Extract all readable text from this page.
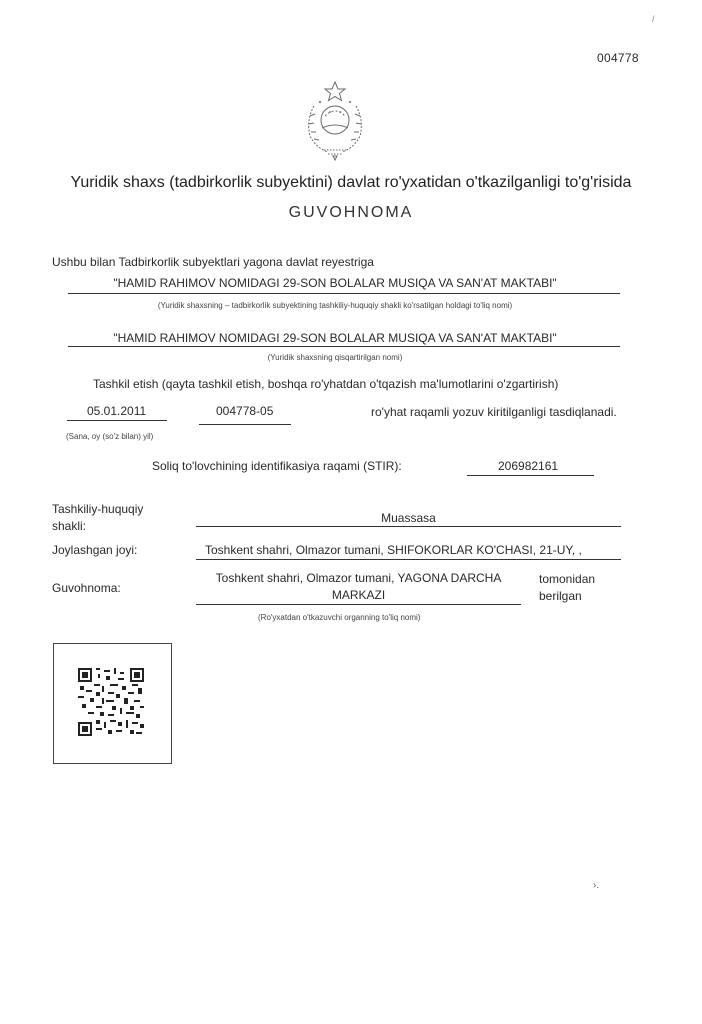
/
004778
Yuridik shaxs (tadbirkorlik subyektini) davlat ro'yxatidan o'tkazilganligi to'g'risida
GUVOHNOMA
Ushbu bilan Tadbirkorlik subyektlari yagona davlat reyestriga
"HAMID RAHIMOV NOMIDAGI 29-SON BOLALAR MUSIQA VA SAN'AT MAKTABI"
(Yuridik shaxsning – tadbirkorlik subyektining tashkiliy-huquqiy shakli ko'rsatilgan holdagi to'liq nomi)
"HAMID RAHIMOV NOMIDAGI 29-SON BOLALAR MUSIQA VA SAN'AT MAKTABI"
(Yuridik shaxsning qisqartirilgan nomi)
Tashkil etish (qayta tashkil etish, boshqa ro'yhatdan o'tqazish ma'lumotlarini o'zgartirish)
05.01.2011	004778-05	ro'yhat raqamli yozuv kiritilganligi tasdiqlanadi.
(Sana, oy (so'z bilan) yil)
Soliq to'lovchining identifikasiya raqami (STIR):	206982161
Tashkiliy-huquqiy
shakli:
Muassasa
Joylashgan joyi:	Toshkent shahri, Olmazor tumani, SHIFOKORLAR KO'CHASI, 21-UY, ,
Guvohnoma:
Toshkent shahri, Olmazor tumani, YAGONA DARCHA
MARKAZI
tomonidan
berilgan
(Ro'yxatdan o'tkazuvchi organning to'liq nomi)
›.
